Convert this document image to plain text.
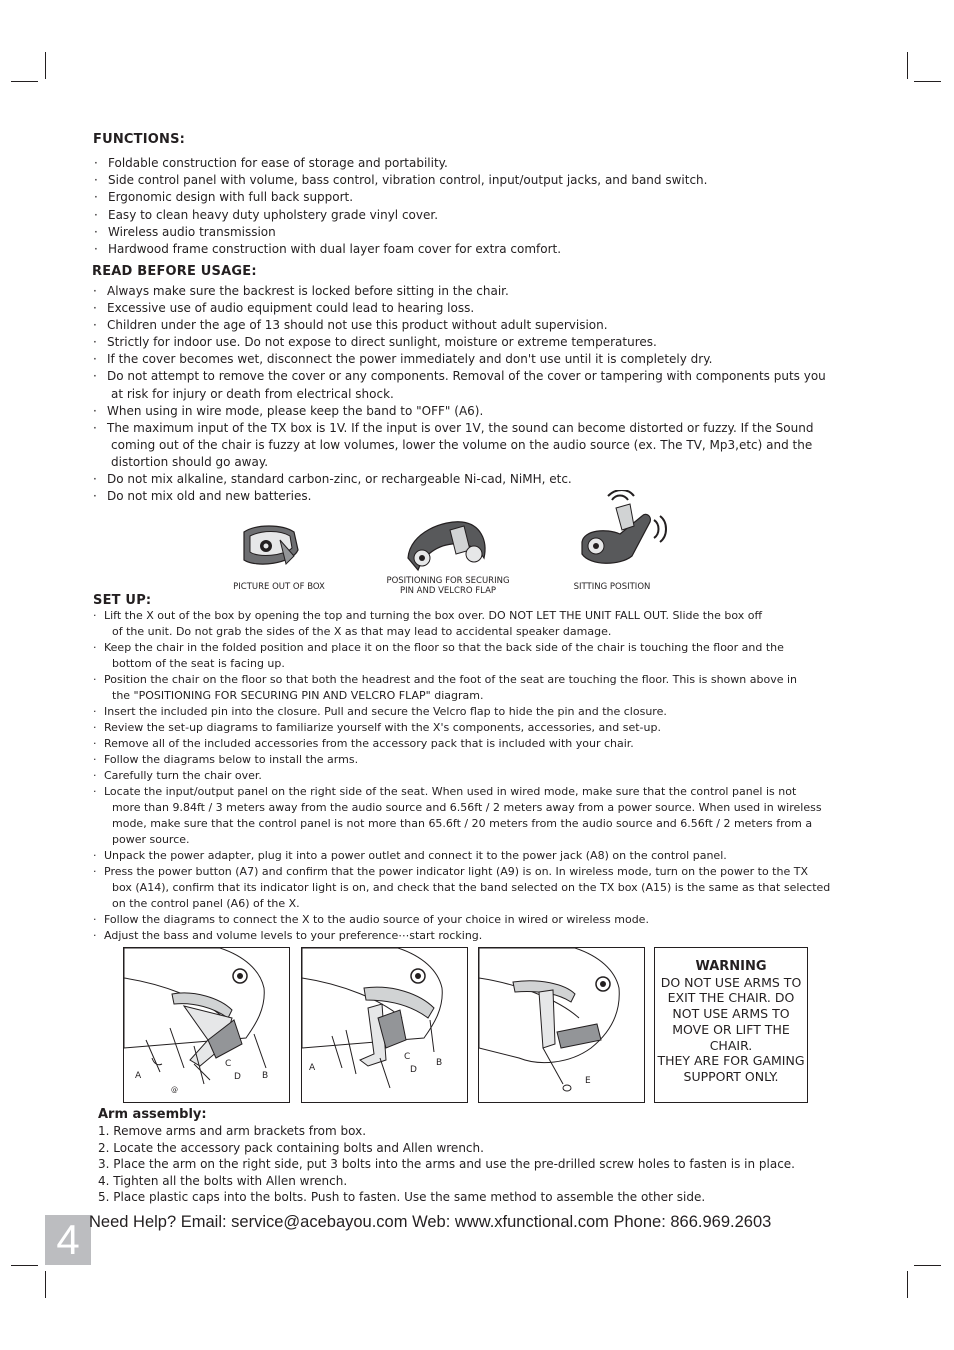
FUNCTIONS:
· Foldable construction for ease of storage and portability.
· Side control panel with volume, bass control, vibration control, input/output jacks, and band switch.
· Ergonomic design with full back support.
· Easy to clean heavy duty upholstery grade vinyl cover.
· Wireless audio transmission
· Hardwood frame construction with dual layer foam cover for extra comfort.
READ BEFORE USAGE:
· Always make sure the backrest is locked before sitting in the chair.
· Excessive use of audio equipment could lead to hearing loss.
· Children under the age of 13 should not use this product without adult supervision.
· Strictly for indoor use. Do not expose to direct sunlight, moisture or extreme temperatures.
· If the cover becomes wet, disconnect the power immediately and don't use until it is completely dry.
· Do not attempt to remove the cover or any components. Removal of the cover or tampering with components puts you
at risk for injury or death from electrical shock.
· When using in wire mode, please keep the band to "OFF" (A6).
· The maximum input of the TX box is 1V. If the input is over 1V, the sound can become distorted or fuzzy. If the Sound
coming out of the chair is fuzzy at low volumes, lower the volume on the audio source (ex. The TV, Mp3,etc) and the
distortion should go away.
· Do not mix alkaline, standard carbon-zinc, or rechargeable Ni-cad, NiMH, etc.
· Do not mix old and new batteries.
PICTURE OUT OF BOX
POSITIONING FOR SECURING
PIN AND VELCRO FLAP	SITTING POSITION
SET UP:
· Lift the X out of the box by opening the top and turning the box over. DO NOT LET THE UNIT FALL OUT. Slide the box off
of the unit. Do not grab the sides of the X as that may lead to accidental speaker damage.
· Keep the chair in the folded position and place it on the floor so that the back side of the chair is touching the floor and the
bottom of the seat is facing up.
· Position the chair on the floor so that both the headrest and the foot of the seat are touching the floor. This is shown above in
the "POSITIONING FOR SECURING PIN AND VELCRO FLAP" diagram.
· Insert the included pin into the closure. Pull and secure the Velcro flap to hide the pin and the closure.
· Review the set-up diagrams to familiarize yourself with the X's components, accessories, and set-up.
· Remove all of the included accessories from the accessory pack that is included with your chair.
· Follow the diagrams below to install the arms.
· Carefully turn the chair over.
· Locate the input/output panel on the right side of the seat. When used in wired mode, make sure that the control panel is not
more than 9.84ft / 3 meters away from the audio source and 6.56ft / 2 meters away from a power source. When used in wireless
mode, make sure that the control panel is not more than 65.6ft / 20 meters from the audio source and 6.56ft / 2 meters from a
power source.
· Unpack the power adapter, plug it into a power outlet and connect it to the power jack (A8) on the control panel.
· Press the power button (A7) and confirm that the power indicator light (A9) is on. In wireless mode, turn on the power to the TX
box (A14), confirm that its indicator light is on, and check that the band selected on the TX box (A15) is the same as that selected
on the control panel (A6) of the X.
· Follow the diagrams to connect the X to the audio source of your choice in wired or wireless mode.
· Adjust the bass and volume levels to your preference⋯start rocking.
A	B
C
D
@
A	B
C
D
E
WARNING
DO NOT USE ARMS TO
EXIT THE CHAIR. DO
NOT USE ARMS TO
MOVE OR LIFT THE
CHAIR.
THEY ARE FOR GAMING
SUPPORT ONLY.
Arm assembly:
1. Remove arms and arm brackets from box.
2. Locate the accessory pack containing bolts and Allen wrench.
3. Place the arm on the right side, put 3 bolts into the arms and use the pre-drilled screw holes to fasten is in place.
4. Tighten all the bolts with Allen wrench.
5. Place plastic caps into the bolts. Push to fasten. Use the same method to assemble the other side.
4 Need Help? Email: service@acebayou.com Web: www.xfunctional.com Phone: 866.969.2603
